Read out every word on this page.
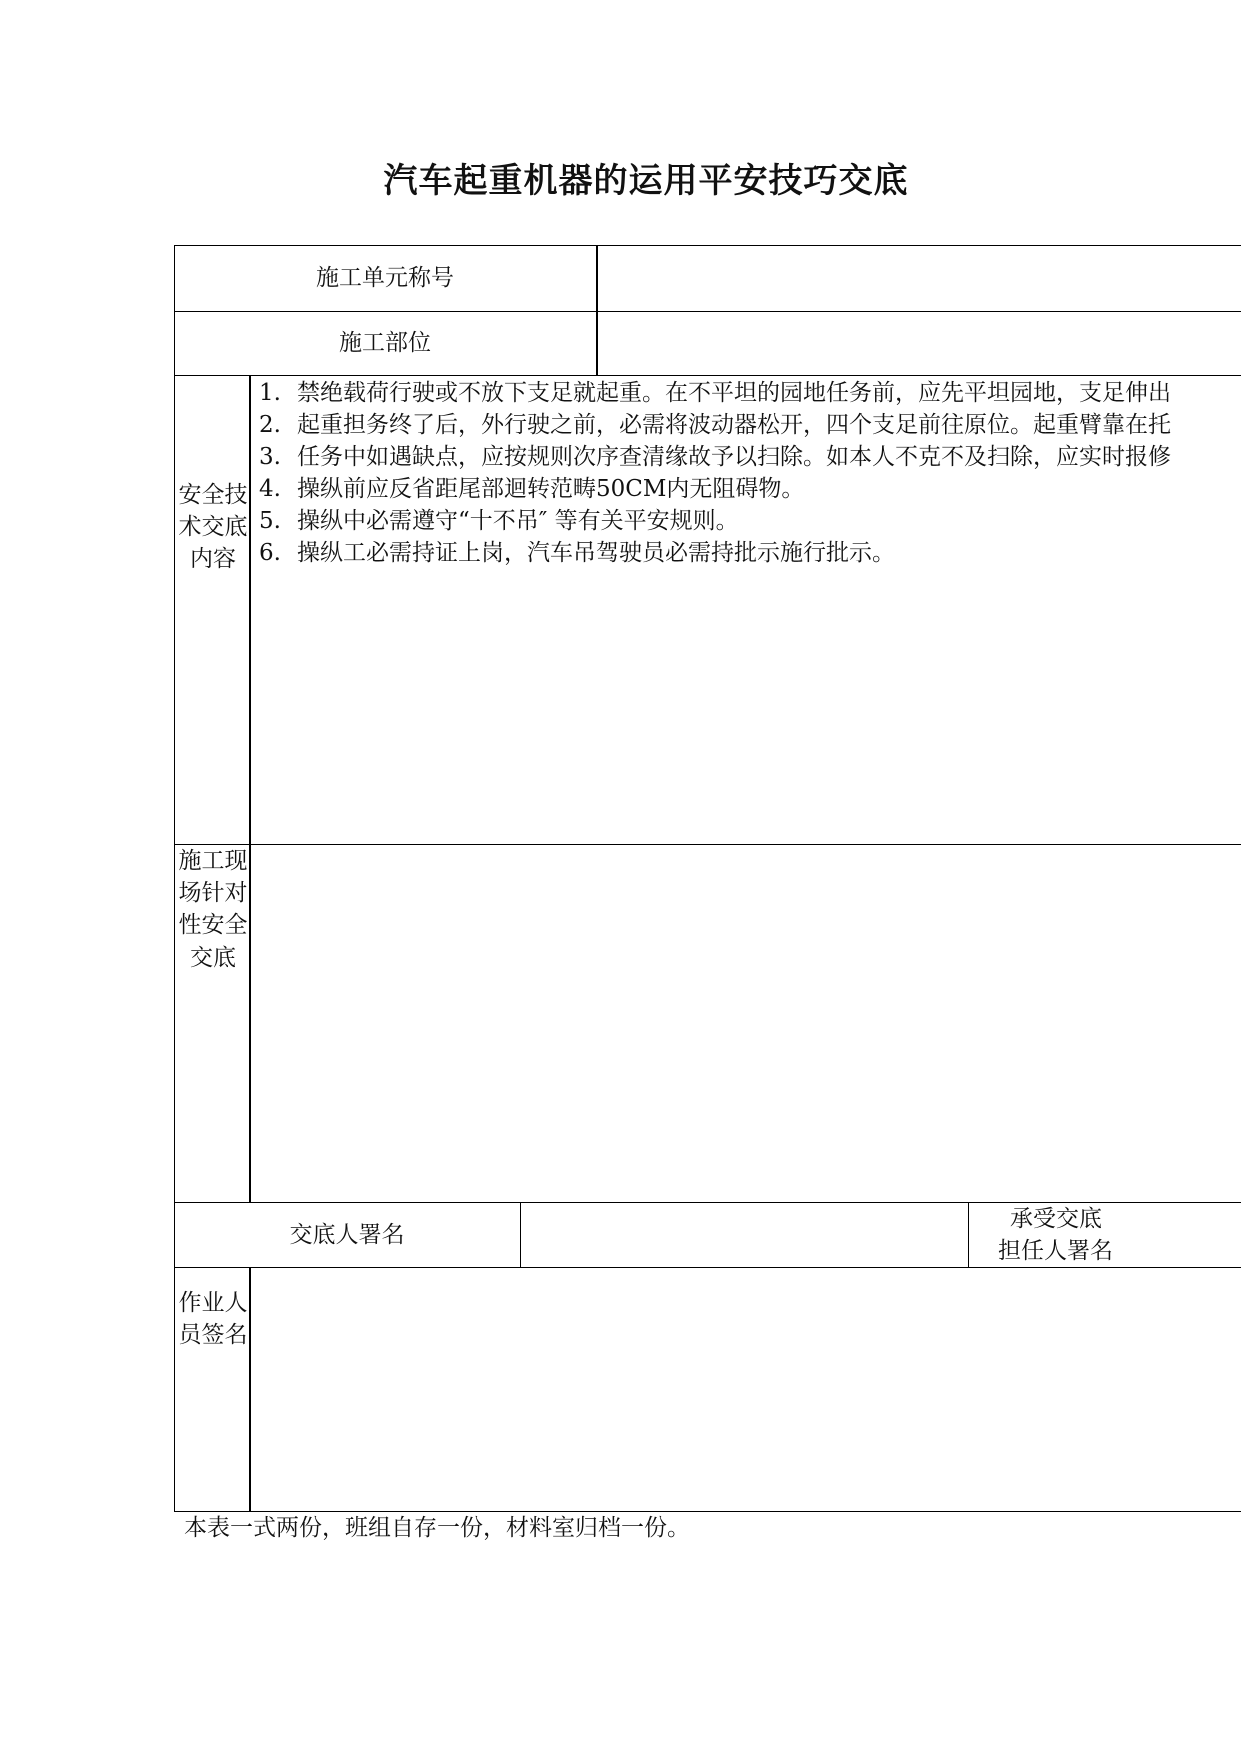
汽车起重机器的运用平安技巧交底
施工单元称号
施工部位
安全技术交底内容
1. 禁绝载荷行驶或不放下支足就起重。在不平坦的园地任务前，应先平坦园地，支足伸出
2. 起重担务终了后，外行驶之前，必需将波动器松开，四个支足前往原位。起重臂靠在托
3. 任务中如遇缺点，应按规则次序查清缘故予以扫除。如本人不克不及扫除，应实时报修
4. 操纵前应反省距尾部迴转范畴50CM内无阻碍物。
5. 操纵中必需遵守“十不吊″ 等有关平安规则。
6. 操纵工必需持证上岗，汽车吊驾驶员必需持批示施行批示。
施工现场针对性安全交底
交底人署名
承受交底
担任人署名
作业人员签名
本表一式两份，班组自存一份，材料室归档一份。
